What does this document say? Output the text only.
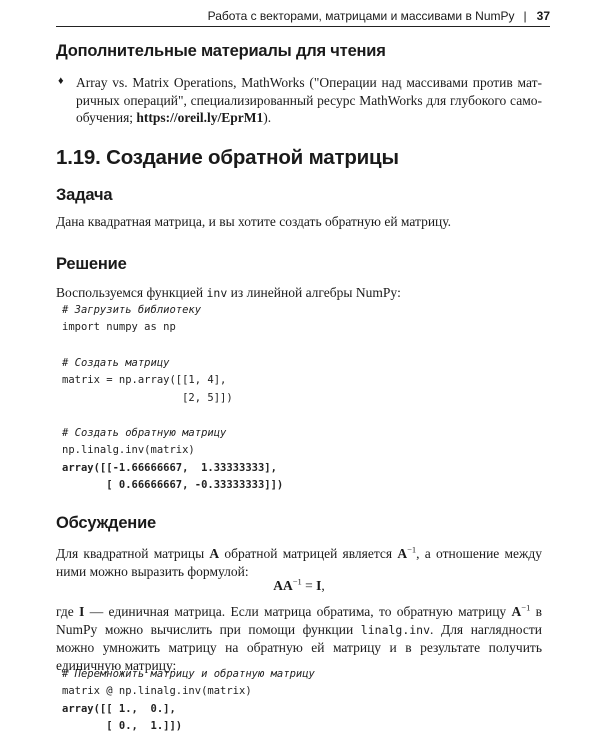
Работа с векторами, матрицами и массивами в NumPy | 37
Дополнительные материалы для чтения
♦ Array vs. Matrix Operations, MathWorks ("Операции над массивами против мат-ричных операций", специализированный ресурс MathWorks для глубокого само-обучения; https://oreil.ly/EprM1).

1.19. Создание обратной матрицы
Задача

Дана квадратная матрица, и вы хотите создать обратную ей матрицу.

Решение

Воспользуемся функцией inv из линейной алгебры NumPy:

# Загрузить библиотеку
import numpy as np
# Создать матрицу
matrix = np.array([[1, 4],
[2, 5]])
# Создать обратную матрицу
np.linalg.inv(matrix)
array([[-1.66666667,  1.33333333],
[ 0.66666667, -0.33333333]])
Обсуждение

Для квадратной матрицы A обратной матрицей является $A^{-1}$, а отношение между ними можно выразить формулой:

$AA^{-1} = I$,

где I — единичная матрица. Если матрица обратима, то обратную матрицу $A^{-1}$ в NumPy можно вычислить при помощи функции linalg.inv. Для наглядности можно умножить матрицу на обратную ей матрицу и в результате получить единичную матрицу:

# Перемножить матрицу и обратную матрицу
matrix @ np.linalg.inv(matrix)
array([[ 1.,  0.],
[ 0.,  1.]])
